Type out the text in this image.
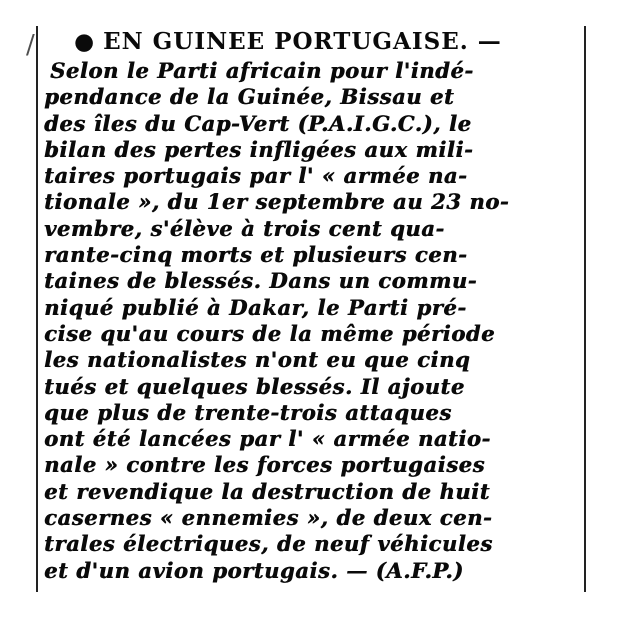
/ ● EN GUINEE PORTUGAISE. —
Selon le Parti africain pour l'indé-
pendance de la Guinée, Bissau et
des îles du Cap-Vert (P.A.I.G.C.), le
bilan des pertes infligées aux mili-
taires portugais par l' « armée na-
tionale », du 1er septembre au 23 no-
vembre, s'élève à trois cent qua-
rante-cinq morts et plusieurs cen-
taines de blessés. Dans un commu-
niqué publié à Dakar, le Parti pré-
cise qu'au cours de la même période
les nationalistes n'ont eu que cinq
tués et quelques blessés. Il ajoute
que plus de trente-trois attaques
ont été lancées par l' « armée natio-
nale » contre les forces portugaises
et revendique la destruction de huit
casernes « ennemies », de deux cen-
trales électriques, de neuf véhicules
et d'un avion portugais. — (A.F.P.)
